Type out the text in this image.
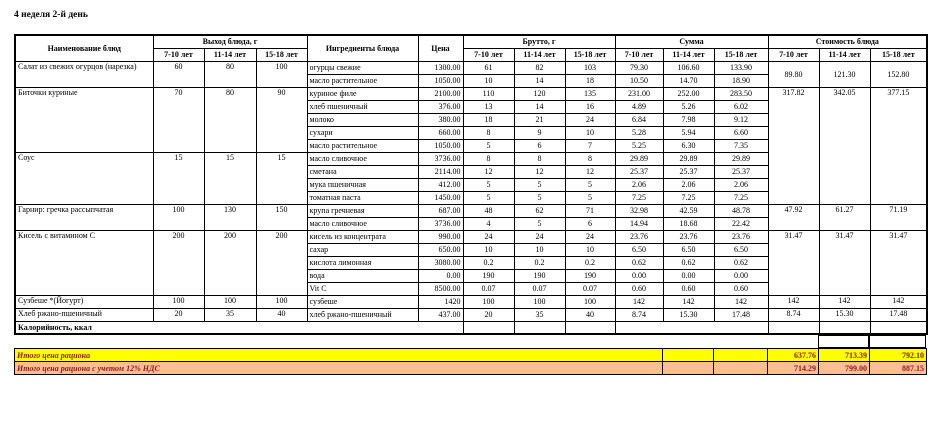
4 неделя 2-й день
Наименование блюд	Выход блюда, г			Ингредиенты блюда	Цена	Брутто, г			Сумма			Стоимость блюда		
	7-10 лет	11-14 лет	15-18 лет			7-10 лет	11-14 лет	15-18 лет	7-10 лет	11-14 лет	15-18 лет	7-10 лет	11-14 лет	15-18 лет
Салат из свежих огурцов (нарезка)	60	80	100	огурцы свежие	1300.00	61	82	103	79.30	106.60	133.90	89.80	121.30	152.80
				масло растительное	1050.00	10	14	18	10.50	14.70	18.90			
Биточки куриные	70	80	90	куриное филе	2100.00	110	120	135	231.00	252.00	283.50	317.82	342.05	377.15
				хлеб пшеничный	376.00	13	14	16	4.89	5.26	6.02			
				молоко	380.00	18	21	24	6.84	7.98	9.12			
				сухари	660.00	8	9	10	5.28	5.94	6.60			
				масло растительное	1050.00	5	6	7	5.25	6.30	7.35			
Соус	15	15	15	масло сливочное	3736.00	8	8	8	29.89	29.89	29.89			
				сметана	2114.00	12	12	12	25.37	25.37	25.37			
				мука пшеничная	412.00	5	5	5	2.06	2.06	2.06			
				томатная паста	1450.00	5	5	5	7.25	7.25	7.25			
Гарнир: гречка рассыпчатая	100	130	150	крупа гречневая	687.00	48	62	71	32.98	42.59	48.78	47.92	61.27	71.19
				масло сливочное	3736.00	4	5	6	14.94	18.68	22.42			
Кисель с витамином С	200	200	200	кисель из концентрата	990.00	24	24	24	23.76	23.76	23.76	31.47	31.47	31.47
				сахар	650.00	10	10	10	6.50	6.50	6.50			
				кислота лимонная	3080.00	0.2	0.2	0.2	0.62	0.62	0.62			
				вода	0.00	190	190	190	0.00	0.00	0.00			
				Vit C	8500.00	0.07	0.07	0.07	0.60	0.60	0.60			
Сузбеше *(Йогурт)	100	100	100	сузбеше	1420	100	100	100	142	142	142	142	142	142
Хлеб ржано-пшеничный	20	35	40	хлеб ржано-пшеничный	437.00	20	35	40	8.74	15.30	17.48	8.74	15.30	17.48
Калорийность, ккал														
Итого цена рациона			637.76	713.39	792.10
Итого цена рациона с учетом 12% НДС			714.29	799.00	887.15
